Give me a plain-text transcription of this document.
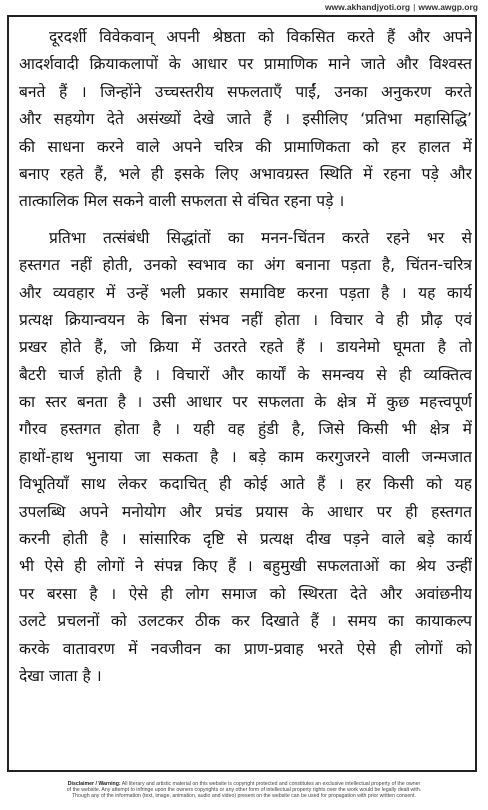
www.akhandjyoti.org | www.awgp.org
दूरदर्शी विवेकवान् अपनी श्रेष्ठता को विकसित करते हैं और अपने
आदर्शवादी क्रियाकलापों के आधार पर प्रामाणिक माने जाते और विश्वस्त
बनते हैं । जिन्होंने उच्चस्तरीय सफलताएँ पाईं, उनका अनुकरण करते
और सहयोग देते असंख्यों देखे जाते हैं । इसीलिए ‘प्रतिभा महासिद्धि’
की साधना करने वाले अपने चरित्र की प्रामाणिकता को हर हालत में
बनाए रहते हैं, भले ही इसके लिए अभावग्रस्त स्थिति में रहना पड़े और
तात्कालिक मिल सकने वाली सफलता से वंचित रहना पड़े ।
प्रतिभा तत्संबंधी सिद्धांतों का मनन-चिंतन करते रहने भर से
हस्तगत नहीं होती, उनको स्वभाव का अंग बनाना पड़ता है, चिंतन-चरित्र
और व्यवहार में उन्हें भली प्रकार समाविष्ट करना पड़ता है । यह कार्य
प्रत्यक्ष क्रियान्वयन के बिना संभव नहीं होता । विचार वे ही प्रौढ़ एवं
प्रखर होते हैं, जो क्रिया में उतरते रहते हैं । डायनेमो घूमता है तो
बैटरी चार्ज होती है । विचारों और कार्यों के समन्वय से ही व्यक्तित्व
का स्तर बनता है । उसी आधार पर सफलता के क्षेत्र में कुछ महत्त्वपूर्ण
गौरव हस्तगत होता है । यही वह हुंडी है, जिसे किसी भी क्षेत्र में
हाथों-हाथ भुनाया जा सकता है । बड़े काम करगुजरने वाली जन्मजात
विभूतियाँ साथ लेकर कदाचित् ही कोई आते हैं । हर किसी को यह
उपलब्धि अपने मनोयोग और प्रचंड प्रयास के आधार पर ही हस्तगत
करनी होती है । सांसारिक दृष्टि से प्रत्यक्ष दीख पड़ने वाले बड़े कार्य
भी ऐसे ही लोगों ने संपन्न किए हैं । बहुमुखी सफलताओं का श्रेय उन्हीं
पर बरसा है । ऐसे ही लोग समाज को स्थिरता देते और अवांछनीय
उलटे प्रचलनों को उलटकर ठीक कर दिखाते हैं । समय का कायाकल्प
करके वातावरण में नवजीवन का प्राण-प्रवाह भरते ऐसे ही लोगों को
देखा जाता है ।
Disclaimer / Warning: All literary and artistic material on this website is copyright protected and constitutes an exclusive intellectual property of the owner
of the website. Any attempt to infringe upon the owners copyrights or any other form of intellectual property rights over the work would be legally dealt with.
Though any of the information (text, image, animation, audio and video) present on the website can be used for propagation with prior written consent.
